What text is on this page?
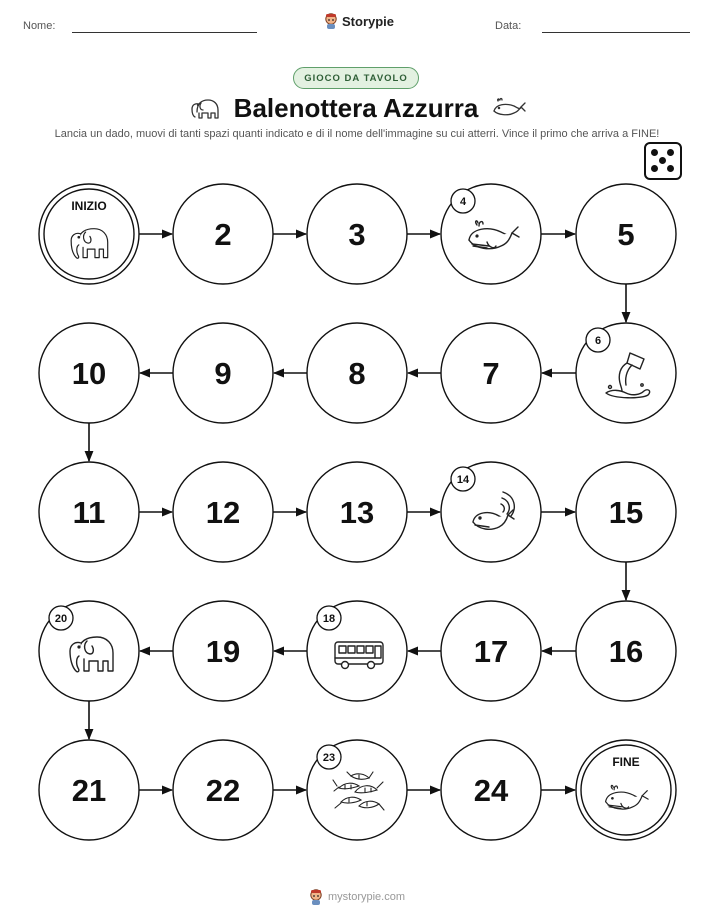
Nome:	Storypie	Data:
GIOCO DA TAVOLO
Balenottera Azzurra
Lancia un dado, muovi di tanti spazi quanti indicato e di il nome dell'immagine su cui atterri. Vince il primo che arriva a FINE!
INIZIO
2	3
4
5
6
7
8
9
10
11	12	13
14
15
16
17
18
19
20
21	22
23
24
FINE
mystorypie.com
